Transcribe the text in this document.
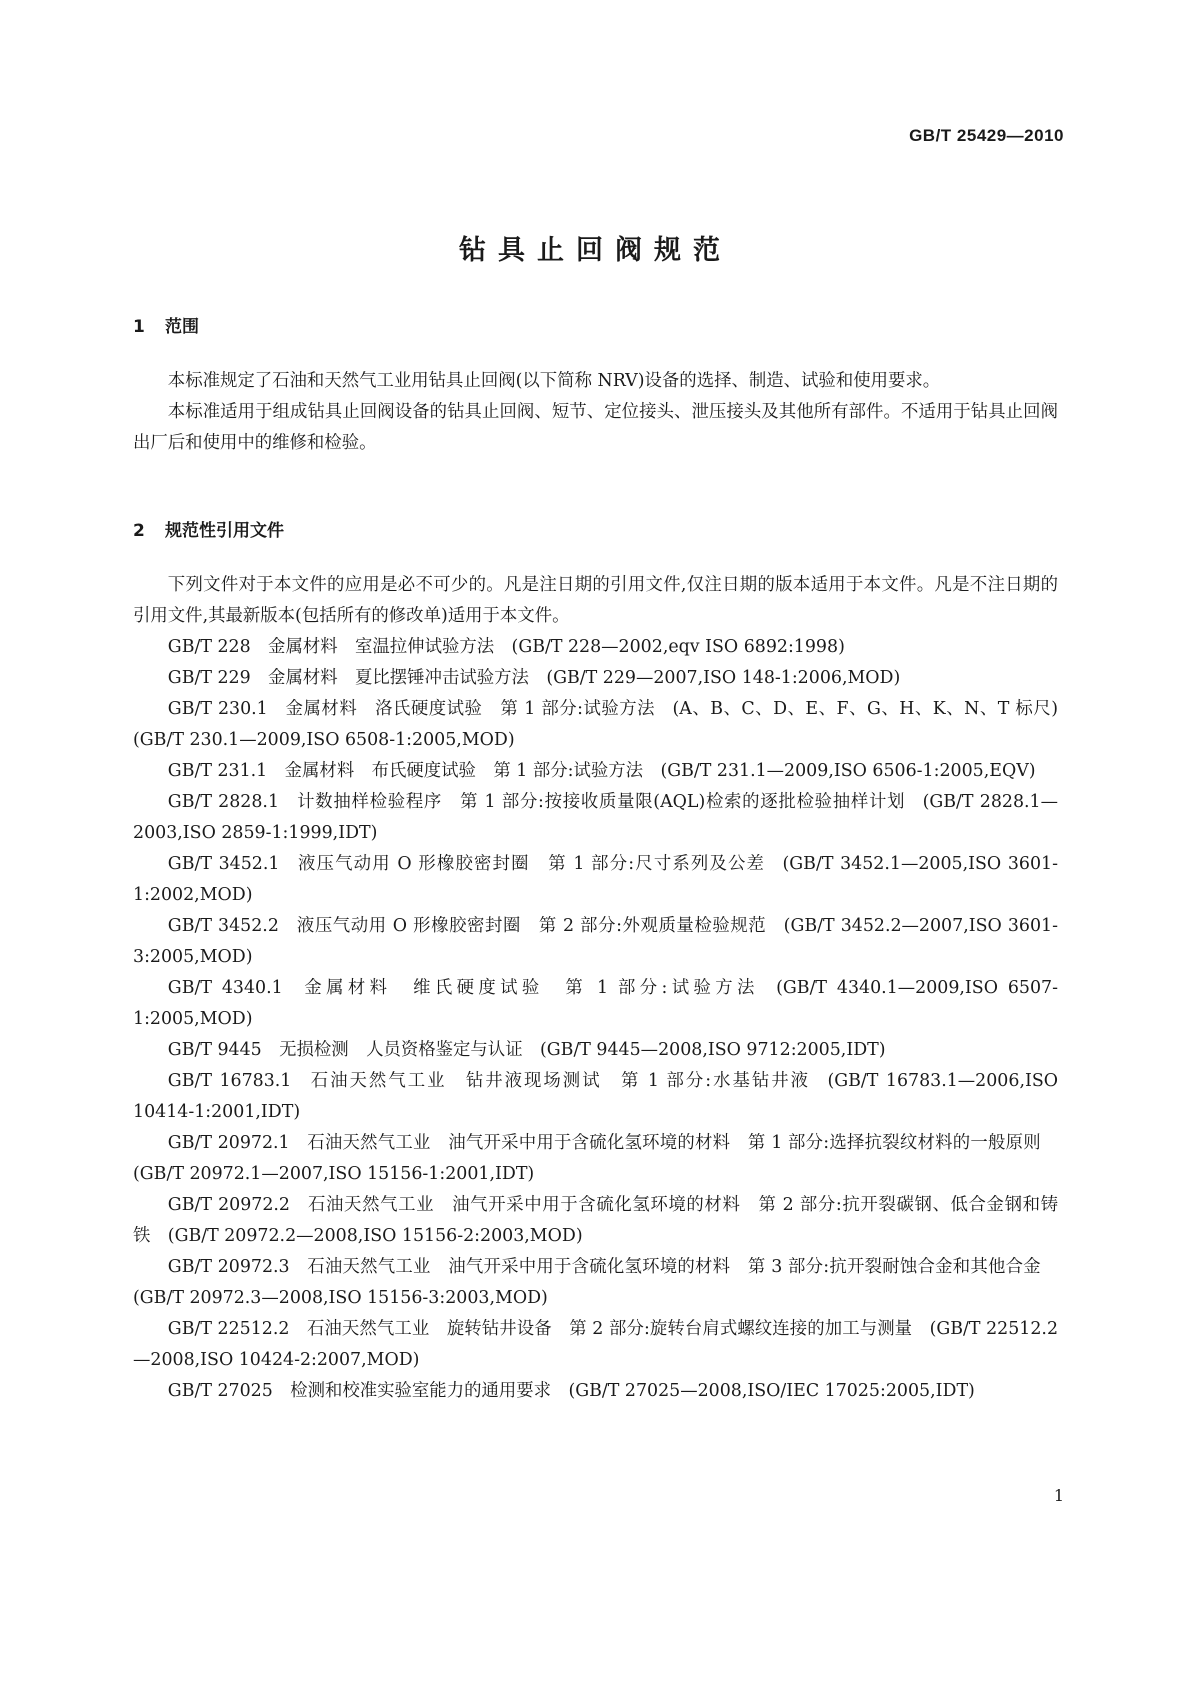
GB/T 25429—2010
钻具止回阀规范
1 范围

本标准规定了石油和天然气工业用钻具止回阀(以下简称 NRV)设备的选择、制造、试验和使用要求。

本标准适用于组成钻具止回阀设备的钻具止回阀、短节、定位接头、泄压接头及其他所有部件。不适用于钻具止回阀出厂后和使用中的维修和检验。

2 规范性引用文件

下列文件对于本文件的应用是必不可少的。凡是注日期的引用文件,仅注日期的版本适用于本文件。凡是不注日期的引用文件,其最新版本(包括所有的修改单)适用于本文件。

GB/T 228 金属材料　室温拉伸试验方法 (GB/T 228—2002,eqv ISO 6892:1998)
GB/T 229 金属材料　夏比摆锤冲击试验方法 (GB/T 229—2007,ISO 148-1:2006,MOD)
GB/T 230.1 金属材料　洛氏硬度试验　第 1 部分:试验方法 (A、B、C、D、E、F、G、H、K、N、T 标尺)(GB/T 230.1—2009,ISO 6508-1:2005,MOD)
GB/T 231.1 金属材料　布氏硬度试验　第 1 部分:试验方法 (GB/T 231.1—2009,ISO 6506-1:2005,EQV)
GB/T 2828.1 计数抽样检验程序　第 1 部分:按接收质量限(AQL)检索的逐批检验抽样计划 (GB/T 2828.1—2003,ISO 2859-1:1999,IDT)
GB/T 3452.1 液压气动用 O 形橡胶密封圈　第 1 部分:尺寸系列及公差 (GB/T 3452.1—2005,ISO 3601-1:2002,MOD)
GB/T 3452.2 液压气动用 O 形橡胶密封圈　第 2 部分:外观质量检验规范 (GB/T 3452.2—2007,ISO 3601-3:2005,MOD)
GB/T 4340.1 金属材料　维氏硬度试验　第 1 部分:试验方法 (GB/T 4340.1—2009,ISO 6507-1:2005,MOD)
GB/T 9445 无损检测　人员资格鉴定与认证 (GB/T 9445—2008,ISO 9712:2005,IDT)
GB/T 16783.1 石油天然气工业　钻井液现场测试　第 1 部分:水基钻井液 (GB/T 16783.1—2006,ISO 10414-1:2001,IDT)
GB/T 20972.1 石油天然气工业　油气开采中用于含硫化氢环境的材料　第 1 部分:选择抗裂纹材料的一般原则(GB/T 20972.1—2007,ISO 15156-1:2001,IDT)
GB/T 20972.2 石油天然气工业　油气开采中用于含硫化氢环境的材料　第 2 部分:抗开裂碳钢、低合金钢和铸铁 (GB/T 20972.2—2008,ISO 15156-2:2003,MOD)
GB/T 20972.3 石油天然气工业　油气开采中用于含硫化氢环境的材料　第 3 部分:抗开裂耐蚀合金和其他合金(GB/T 20972.3—2008,ISO 15156-3:2003,MOD)
GB/T 22512.2 石油天然气工业　旋转钻井设备　第 2 部分:旋转台肩式螺纹连接的加工与测量 (GB/T 22512.2—2008,ISO 10424-2:2007,MOD)
GB/T 27025 检测和校准实验室能力的通用要求 (GB/T 27025—2008,ISO/IEC 17025:2005,IDT)
1
